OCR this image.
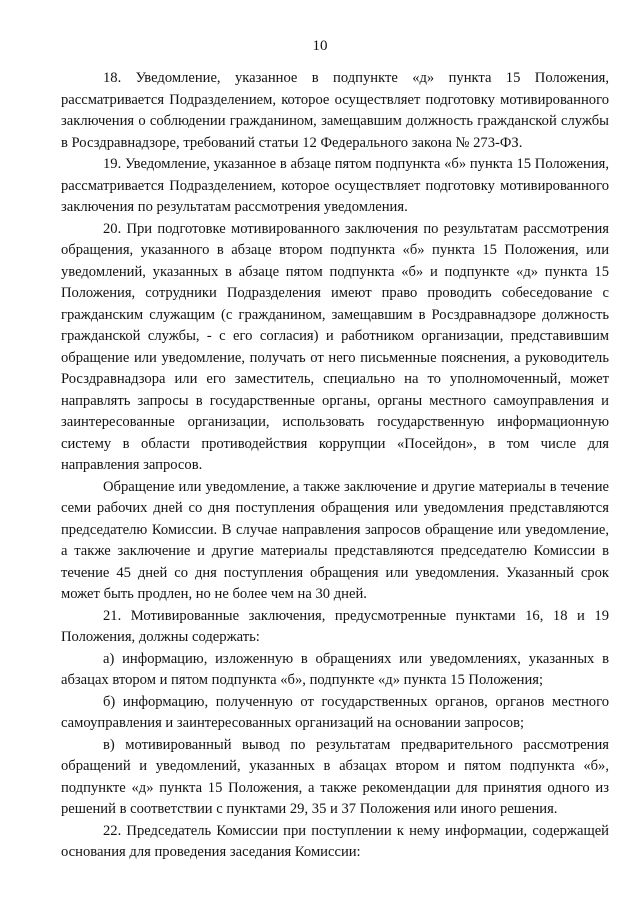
10

18. Уведомление, указанное в подпункте «д» пункта 15 Положения, рассматривается Подразделением, которое осуществляет подготовку мотивированного заключения о соблюдении гражданином, замещавшим должность гражданской службы в Росздравнадзоре, требований статьи 12 Федерального закона № 273-ФЗ.

19. Уведомление, указанное в абзаце пятом подпункта «б» пункта 15 Положения, рассматривается Подразделением, которое осуществляет подготовку мотивированного заключения по результатам рассмотрения уведомления.

20. При подготовке мотивированного заключения по результатам рассмотрения обращения, указанного в абзаце втором подпункта «б» пункта 15 Положения, или уведомлений, указанных в абзаце пятом подпункта «б» и подпункте «д» пункта 15 Положения, сотрудники Подразделения имеют право проводить собеседование с гражданским служащим (с гражданином, замещавшим в Росздравнадзоре должность гражданской службы, - с его согласия) и работником организации, представившим обращение или уведомление, получать от него письменные пояснения, а руководитель Росздравнадзора или его заместитель, специально на то уполномоченный, может направлять запросы в государственные органы, органы местного самоуправления и заинтересованные организации, использовать государственную информационную систему в области противодействия коррупции «Посейдон», в том числе для направления запросов.

Обращение или уведомление, а также заключение и другие материалы в течение семи рабочих дней со дня поступления обращения или уведомления представляются председателю Комиссии. В случае направления запросов обращение или уведомление, а также заключение и другие материалы представляются председателю Комиссии в течение 45 дней со дня поступления обращения или уведомления. Указанный срок может быть продлен, но не более чем на 30 дней.

21. Мотивированные заключения, предусмотренные пунктами 16, 18 и 19 Положения, должны содержать:

а) информацию, изложенную в обращениях или уведомлениях, указанных в абзацах втором и пятом подпункта «б», подпункте «д» пункта 15 Положения;

б) информацию, полученную от государственных органов, органов местного самоуправления и заинтересованных организаций на основании запросов;

в) мотивированный вывод по результатам предварительного рассмотрения обращений и уведомлений, указанных в абзацах втором и пятом подпункта «б», подпункте «д» пункта 15 Положения, а также рекомендации для принятия одного из решений в соответствии с пунктами 29, 35 и 37 Положения или иного решения.

22. Председатель Комиссии при поступлении к нему информации, содержащей основания для проведения заседания Комиссии:
